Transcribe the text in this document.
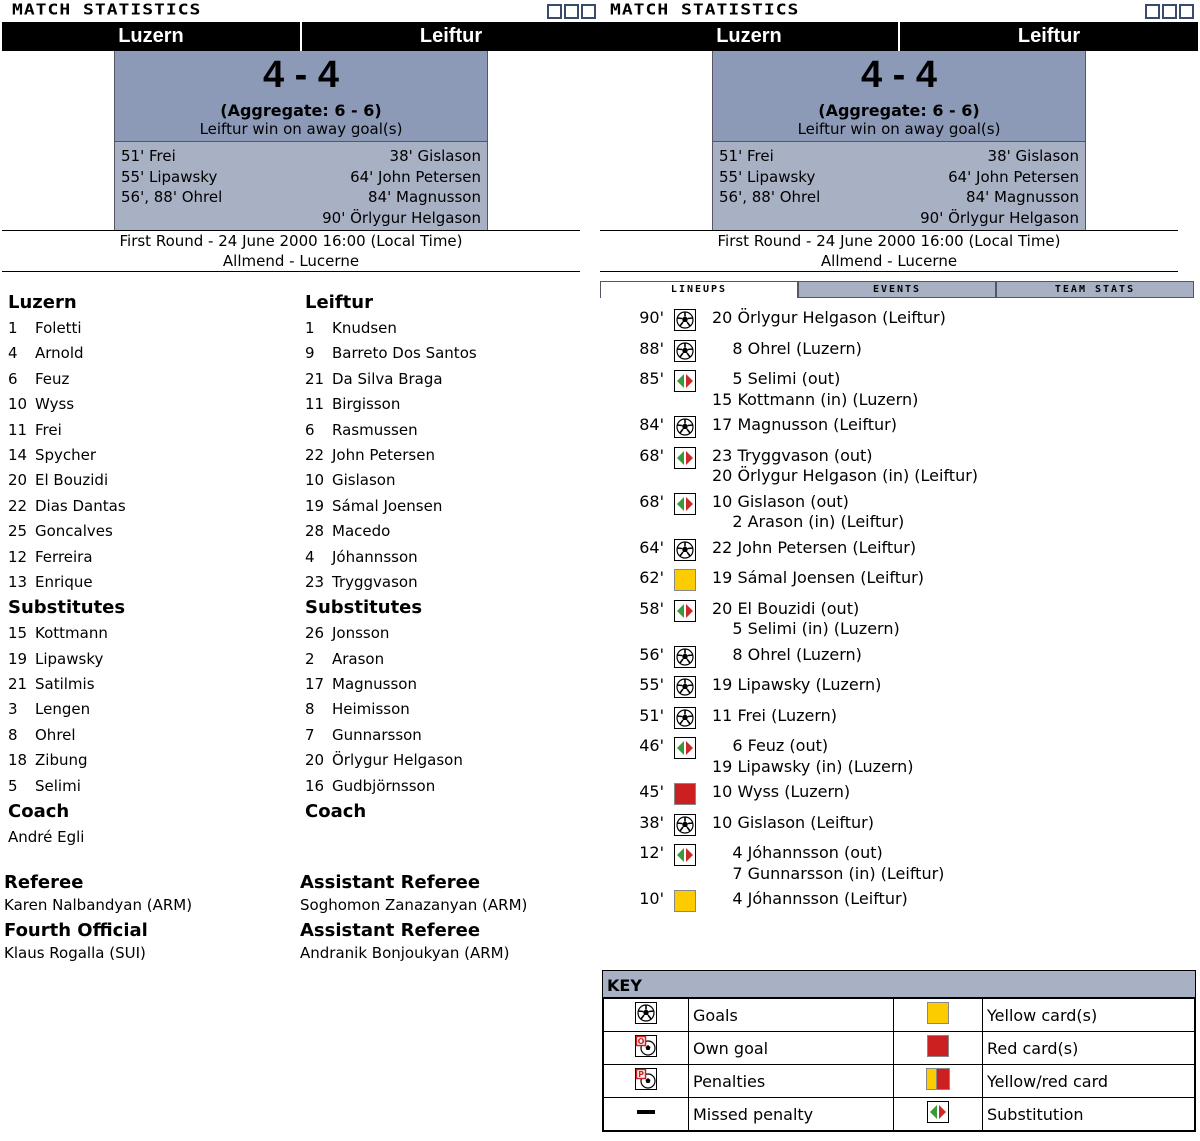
MATCH STATISTICS
Luzern	Leiftur
4 - 4
(Aggregate: 6 - 6)
Leiftur win on away goal(s)
51' Frei
55' Lipawsky
56', 88' Ohrel
38' Gislason
64' John Petersen
84' Magnusson
90' Örlygur Helgason
First Round - 24 June 2000 16:00 (Local Time)
Allmend - Lucerne
Luzern
1 Foletti
4 Arnold
6 Feuz
10 Wyss
11 Frei
14 Spycher
20 El Bouzidi
22 Dias Dantas
25 Goncalves
12 Ferreira
13 Enrique
Substitutes
15 Kottmann
19 Lipawsky
21 Satilmis
3 Lengen
8 Ohrel
18 Zibung
5 Selimi
Coach
André Egli
Leiftur
1 Knudsen
9 Barreto Dos Santos
21 Da Silva Braga
11 Birgisson
6 Rasmussen
22 John Petersen
10 Gislason
19 Sámal Joensen
28 Macedo
4 Jóhannsson
23 Tryggvason
Substitutes
26 Jonsson
2 Arason
17 Magnusson
8 Heimisson
7 Gunnarsson
20 Örlygur Helgason
16 Gudbjörnsson
Coach
Referee
Karen Nalbandyan (ARM)
Assistant Referee
Soghomon Zanazanyan (ARM)
Fourth Official
Klaus Rogalla (SUI)
Assistant Referee
Andranik Bonjoukyan (ARM)
MATCH STATISTICS
Luzern	Leiftur
4 - 4
(Aggregate: 6 - 6)
Leiftur win on away goal(s)
51' Frei
55' Lipawsky
56', 88' Ohrel
38' Gislason
64' John Petersen
84' Magnusson
90' Örlygur Helgason
First Round - 24 June 2000 16:00 (Local Time)
Allmend - Lucerne
LINEUPS	EVENTS	TEAM STATS
90'	20 Örlygur Helgason (Leiftur)
88'	8 Ohrel (Luzern)
85'	5 Selimi (out)
15 Kottmann (in) (Luzern)
84'	17 Magnusson (Leiftur)
68'	23 Tryggvason (out)
20 Örlygur Helgason (in) (Leiftur)
68'	10 Gislason (out)
2 Arason (in) (Leiftur)
64'	22 John Petersen (Leiftur)
62'	19 Sámal Joensen (Leiftur)
58'	20 El Bouzidi (out)
5 Selimi (in) (Luzern)
56'	8 Ohrel (Luzern)
55'	19 Lipawsky (Luzern)
51'	11 Frei (Luzern)
46'	6 Feuz (out)
19 Lipawsky (in) (Luzern)
45'	10 Wyss (Luzern)
38'	10 Gislason (Leiftur)
12'	4 Jóhannsson (out)
7 Gunnarsson (in) (Leiftur)
10'	4 Jóhannsson (Leiftur)
KEY
	Goals		Yellow card(s)

O	Own goal		Red card(s)

P	Penalties		Yellow/red card
	Missed penalty		Substitution
